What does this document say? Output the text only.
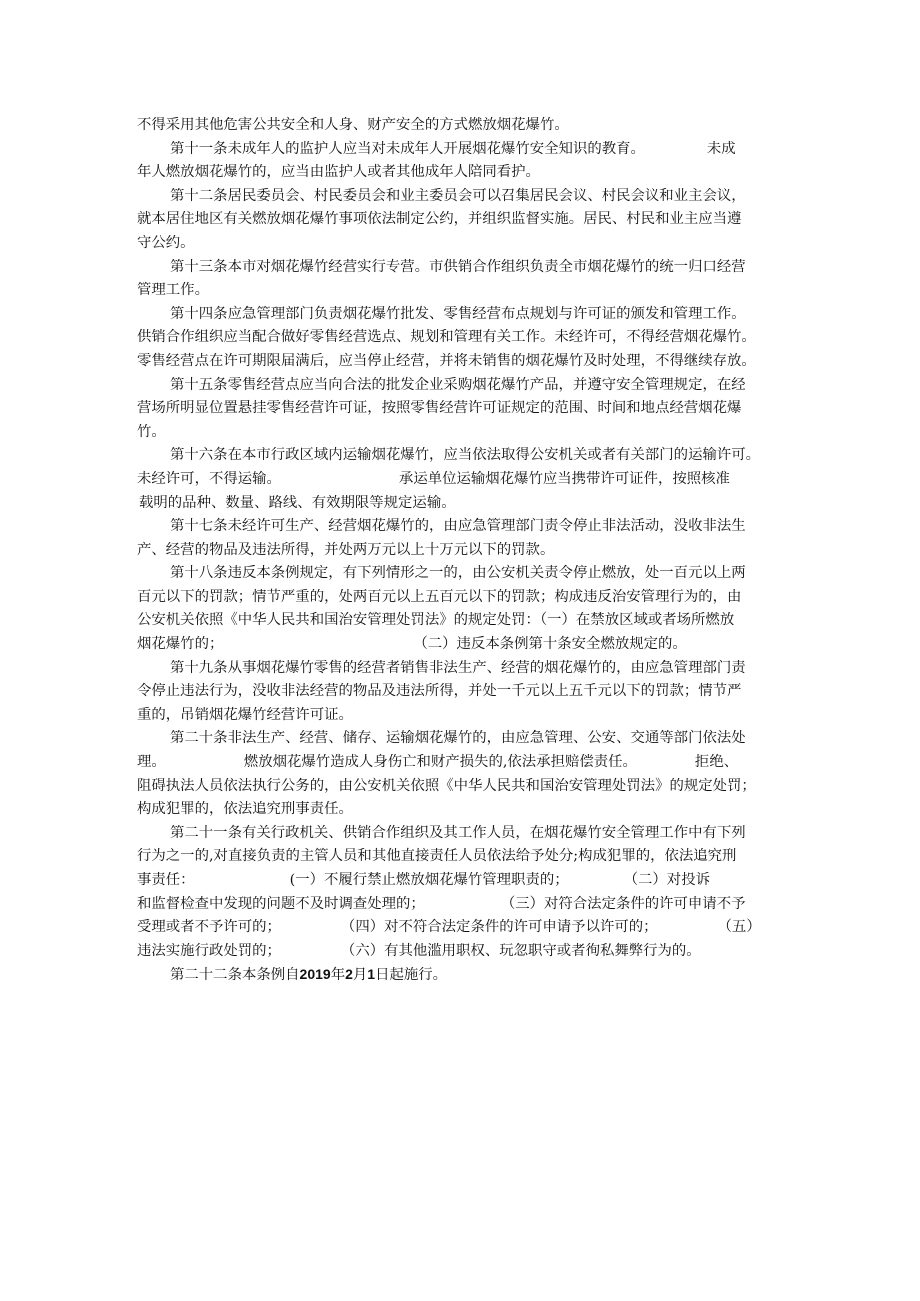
不得采用其他危害公共安全和人身、财产安全的方式燃放烟花爆竹。
第十一条未成年人的监护人应当对未成年人开展烟花爆竹安全知识的教育。	未成
年人燃放烟花爆竹的，应当由监护人或者其他成年人陪同看护。
第十二条居民委员会、村民委员会和业主委员会可以召集居民会议、村民会议和业主会议，
就本居住地区有关燃放烟花爆竹事项依法制定公约，并组织监督实施。居民、村民和业主应当遵
守公约。
第十三条本市对烟花爆竹经营实行专营。市供销合作组织负责全市烟花爆竹的统一归口经营
管理工作。
第十四条应急管理部门负责烟花爆竹批发、零售经营布点规划与许可证的颁发和管理工作。
供销合作组织应当配合做好零售经营选点、规划和管理有关工作。未经许可，不得经营烟花爆竹。
零售经营点在许可期限届满后，应当停止经营，并将未销售的烟花爆竹及时处理，不得继续存放。
第十五条零售经营点应当向合法的批发企业采购烟花爆竹产品，并遵守安全管理规定，在经
营场所明显位置悬挂零售经营许可证，按照零售经营许可证规定的范围、时间和地点经营烟花爆
竹。
第十六条在本市行政区域内运输烟花爆竹，应当依法取得公安机关或者有关部门的运输许可。
未经许可，不得运输。	承运单位运输烟花爆竹应当携带许可证件，按照核准
载明的品种、数量、路线、有效期限等规定运输。
第十七条未经许可生产、经营烟花爆竹的，由应急管理部门责令停止非法活动，没收非法生
产、经营的物品及违法所得，并处两万元以上十万元以下的罚款。
第十八条违反本条例规定，有下列情形之一的，由公安机关责令停止燃放，处一百元以上两
百元以下的罚款；情节严重的，处两百元以上五百元以下的罚款；构成违反治安管理行为的，由
公安机关依照《中华人民共和国治安管理处罚法》的规定处罚：（一）在禁放区域或者场所燃放
烟花爆竹的；	（二）违反本条例第十条安全燃放规定的。
第十九条从事烟花爆竹零售的经营者销售非法生产、经营的烟花爆竹的，由应急管理部门责
令停止违法行为，没收非法经营的物品及违法所得，并处一千元以上五千元以下的罚款；情节严
重的，吊销烟花爆竹经营许可证。
第二十条非法生产、经营、储存、运输烟花爆竹的，由应急管理、公安、交通等部门依法处
理。	燃放烟花爆竹造成人身伤亡和财产损失的,依法承担赔偿责任。	拒绝、
阻碍执法人员依法执行公务的，由公安机关依照《中华人民共和国治安管理处罚法》的规定处罚；
构成犯罪的，依法追究刑事责任。
第二十一条有关行政机关、供销合作组织及其工作人员，在烟花爆竹安全管理工作中有下列
行为之一的,对直接负责的主管人员和其他直接责任人员依法给予处分;构成犯罪的，依法追究刑
事责任：	(一）不履行禁止燃放烟花爆竹管理职责的；	（二）对投诉
和监督检查中发现的问题不及时调查处理的；	（三）对符合法定条件的许可申请不予
受理或者不予许可的；	（四）对不符合法定条件的许可申请予以许可的；	（五）
违法实施行政处罚的；	（六）有其他滥用职权、玩忽职守或者徇私舞弊行为的。
第二十二条本条例自2019年2月1日起施行。
